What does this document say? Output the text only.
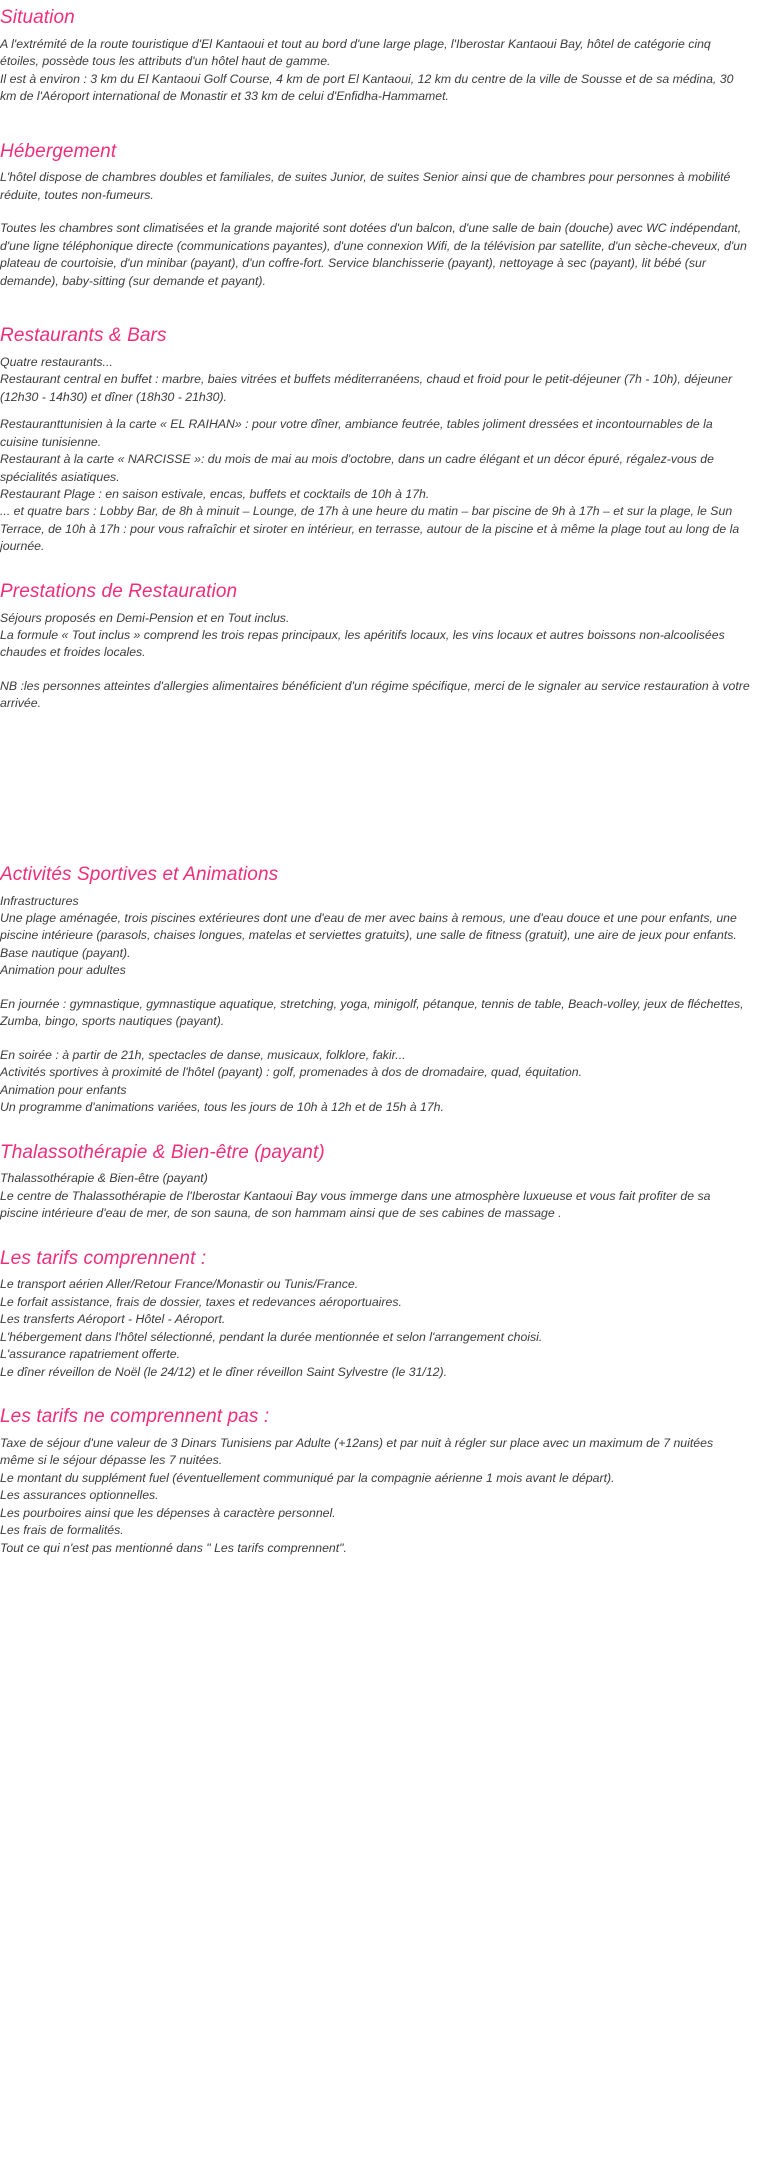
Situation

A l'extrémité de la route touristique d'El Kantaoui et tout au bord d'une large plage, l'Iberostar Kantaoui Bay, hôtel de catégorie cinq étoiles, possède tous les attributs d'un hôtel haut de gamme.

Il est à environ : 3 km du El Kantaoui Golf Course, 4 km de port El Kantaoui, 12 km du centre de la ville de Sousse et de sa médina, 30 km de l'Aéroport international de Monastir et 33 km de celui d'Enfidha-Hammamet.

Hébergement

L'hôtel dispose de chambres doubles et familiales, de suites Junior, de suites Senior ainsi que de chambres pour personnes à mobilité réduite, toutes non-fumeurs.

Toutes les chambres sont climatisées et la grande majorité sont dotées d'un balcon, d'une salle de bain (douche) avec WC indépendant, d'une ligne téléphonique directe (communications payantes), d'une connexion Wifi, de la télévision par satellite, d'un sèche-cheveux, d'un plateau de courtoisie, d'un minibar (payant), d'un coffre-fort. Service blanchisserie (payant), nettoyage à sec (payant), lit bébé (sur demande), baby-sitting (sur demande et payant).

Restaurants & Bars

Quatre restaurants...

Restaurant central en buffet : marbre, baies vitrées et buffets méditerranéens, chaud et froid pour le petit-déjeuner (7h - 10h), déjeuner (12h30 - 14h30) et dîner (18h30 - 21h30).

Restauranttunisien à la carte « EL RAIHAN» : pour votre dîner, ambiance feutrée, tables joliment dressées et incontournables de la cuisine tunisienne.

Restaurant à la carte « NARCISSE »: du mois de mai au mois d'octobre, dans un cadre élégant et un décor épuré, régalez-vous de spécialités asiatiques.

Restaurant Plage : en saison estivale, encas, buffets et cocktails de 10h à 17h.

... et quatre bars : Lobby Bar, de 8h à minuit – Lounge, de 17h à une heure du matin – bar piscine de 9h à 17h – et sur la plage, le Sun Terrace, de 10h à 17h : pour vous rafraîchir et siroter en intérieur, en terrasse, autour de la piscine et à même la plage tout au long de la journée.

Prestations de Restauration

Séjours proposés en Demi-Pension et en Tout inclus.

La formule « Tout inclus » comprend les trois repas principaux, les apéritifs locaux, les vins locaux et autres boissons non-alcoolisées chaudes et froides locales.

NB :les personnes atteintes d'allergies alimentaires bénéficient d'un régime spécifique, merci de le signaler au service restauration à votre arrivée.

Activités Sportives et Animations

Infrastructures

Une plage aménagée, trois piscines extérieures dont une d'eau de mer avec bains à remous, une d'eau douce et une pour enfants, une piscine intérieure (parasols, chaises longues, matelas et serviettes gratuits), une salle de fitness (gratuit), une aire de jeux pour enfants. Base nautique (payant).

Animation pour adultes

En journée : gymnastique, gymnastique aquatique, stretching, yoga, minigolf, pétanque, tennis de table, Beach-volley, jeux de fléchettes, Zumba, bingo, sports nautiques (payant).

En soirée : à partir de 21h, spectacles de danse, musicaux, folklore, fakir...

Activités sportives à proximité de l'hôtel (payant) : golf, promenades à dos de dromadaire, quad, équitation.

Animation pour enfants

Un programme d'animations variées, tous les jours de 10h à 12h et de 15h à 17h.

Thalassothérapie & Bien-être (payant)

Thalassothérapie & Bien-être (payant)

Le centre de Thalassothérapie de l'Iberostar Kantaoui Bay vous immerge dans une atmosphère luxueuse et vous fait profiter de sa piscine intérieure d'eau de mer, de son sauna, de son hammam ainsi que de ses cabines de massage .

Les tarifs comprennent :

Le transport aérien Aller/Retour France/Monastir ou Tunis/France.

Le forfait assistance, frais de dossier, taxes et redevances aéroportuaires.

Les transferts Aéroport - Hôtel - Aéroport.

L'hébergement dans l'hôtel sélectionné, pendant la durée mentionnée et selon l'arrangement choisi.

L'assurance rapatriement offerte.

Le dîner réveillon de Noël (le 24/12) et le dîner réveillon Saint Sylvestre (le 31/12).

Les tarifs ne comprennent pas :

Taxe de séjour d'une valeur de 3 Dinars Tunisiens par Adulte (+12ans) et par nuit à régler sur place avec un maximum de 7 nuitées même si le séjour dépasse les 7 nuitées.

Le montant du supplément fuel (éventuellement communiqué par la compagnie aérienne 1 mois avant le départ).

Les assurances optionnelles.

Les pourboires ainsi que les dépenses à caractère personnel.

Les frais de formalités.

Tout ce qui n'est pas mentionné dans " Les tarifs comprennent".
